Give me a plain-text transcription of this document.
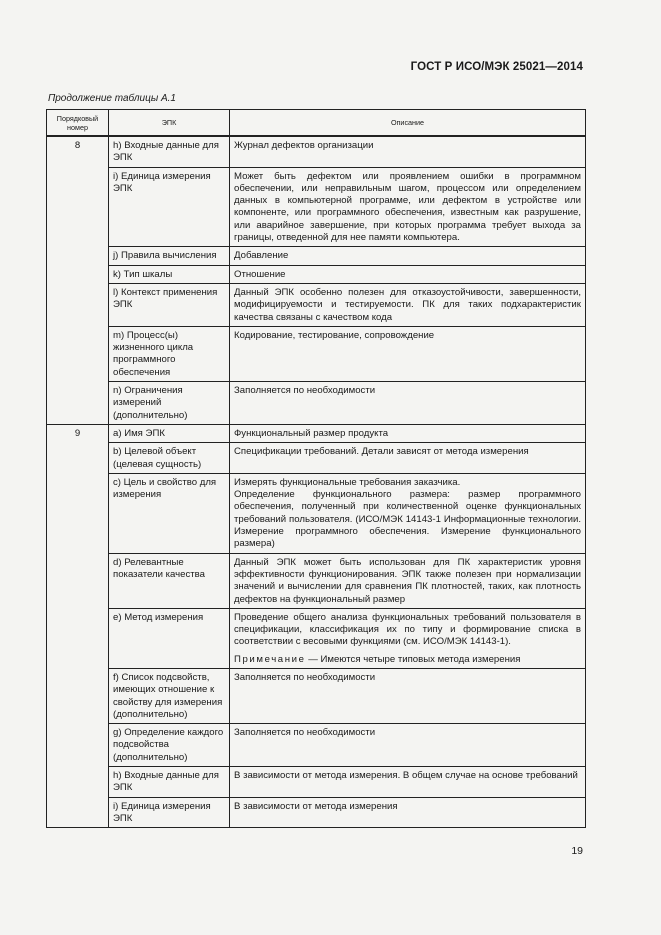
ГОСТ Р ИСО/МЭК 25021—2014
Продолжение таблицы А.1
Порядковый номер	ЭПК	Описание
8	h) Входные данные для ЭПК	Журнал дефектов организации
	i) Единица измерения ЭПК	Может быть дефектом или проявлением ошибки в программном обеспечении, или неправильным шагом, процессом или определением данных в компьютерной программе, или дефектом в устройстве или компоненте, или программного обеспечения, известным как разрушение, или аварийное завершение, при которых программа требует выхода за границы, отведенной для нее памяти компьютера.
	j) Правила вычисления	Добавление
	k) Тип шкалы	Отношение
	l) Контекст применения ЭПК	Данный ЭПК особенно полезен для отказоустойчивости, завершенности, модифицируемости и тестируемости. ПК для таких подхарактеристик качества связаны с качеством кода
	m) Процесс(ы) жизненного цикла программного обеспечения	Кодирование, тестирование, сопровождение
	n) Ограничения измерений (дополнительно)	Заполняется по необходимости
9	a) Имя ЭПК	Функциональный размер продукта
	b) Целевой объект (целевая сущность)	Спецификации требований. Детали зависят от метода измерения
	c) Цель и свойство для измерения	Измерять функциональные требования заказчика.
Определение функционального размера: размер программного обеспечения, полученный при количественной оценке функциональных требований пользователя. (ИСО/МЭК 14143-1 Информационные технологии. Измерение программного обеспечения. Измерение функционального размера)

	d) Релевантные показатели качества	Данный ЭПК может быть использован для ПК характеристик уровня эффективности функционирования. ЭПК также полезен при нормализации значений и вычислении для сравнения ПК плотностей, таких, как плотность дефектов на функциональный размер
	e) Метод измерения	Проведение общего анализа функциональных требований пользователя в спецификации, классификация их по типу и формирование списка в соответствии с весовыми функциями (см. ИСО/МЭК 14143-1).
Примечание — Имеются четыре типовых метода измерения

	f) Список подсвойств, имеющих отношение к свойству для измерения (дополнительно)	Заполняется по необходимости
	g) Определение каждого подсвойства (дополнительно)	Заполняется по необходимости
	h) Входные данные для ЭПК	В зависимости от метода измерения. В общем случае на основе требований
	i) Единица измерения ЭПК	В зависимости от метода измерения
19
